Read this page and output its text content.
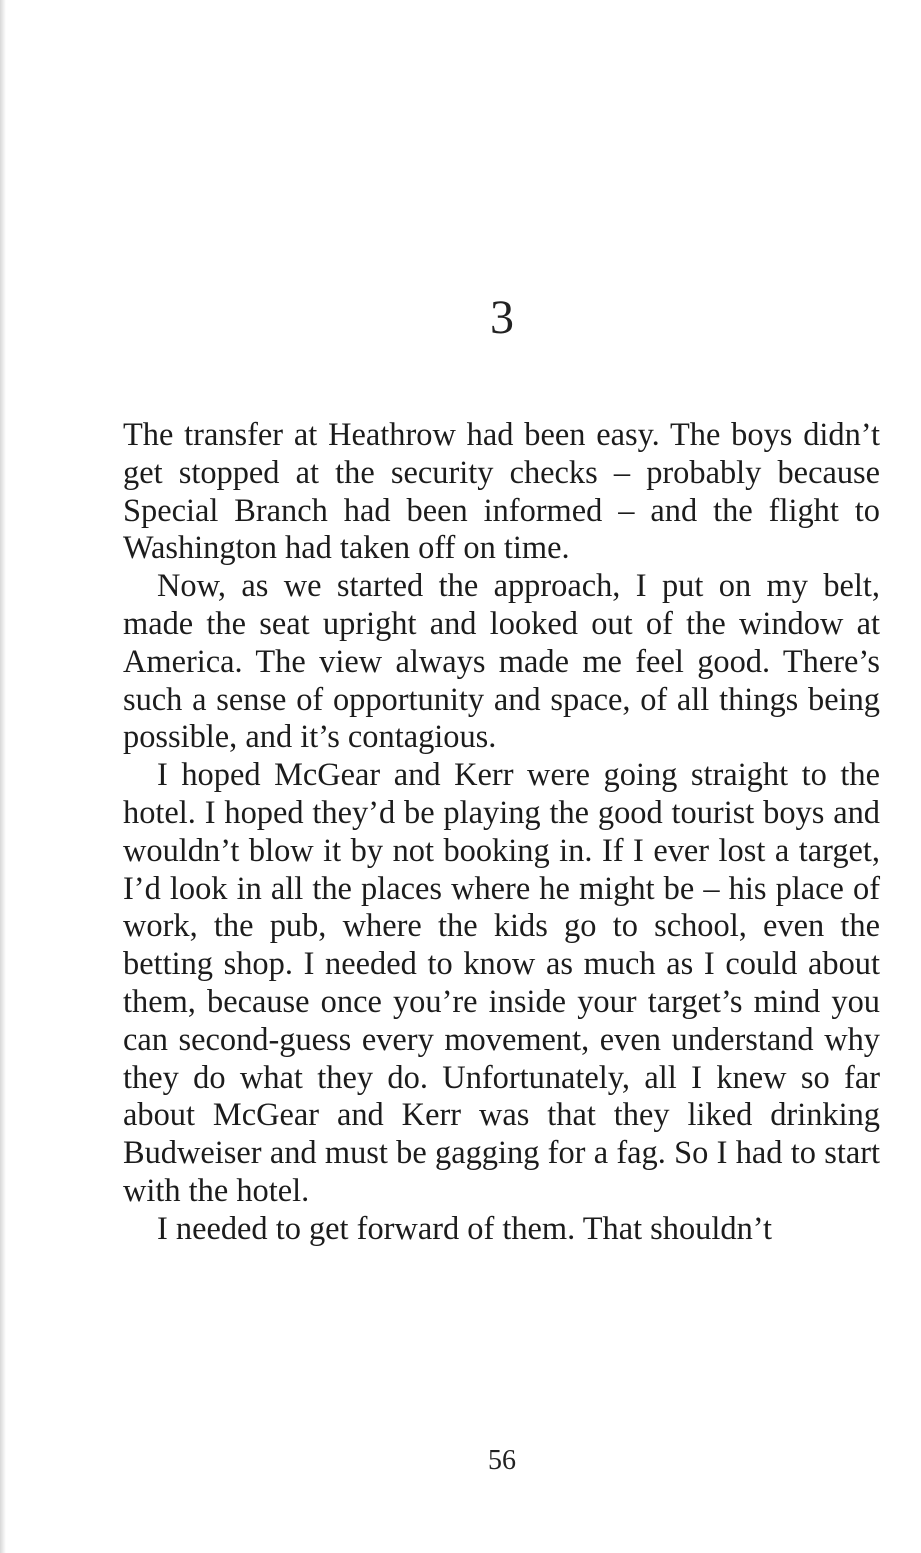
3

The transfer at Heathrow had been easy. The boys didn’t get stopped at the security checks – probably because Special Branch had been informed – and the flight to Washington had taken off on time.

Now, as we started the approach, I put on my belt, made the seat upright and looked out of the window at America. The view always made me feel good. There’s such a sense of opportunity and space, of all things being possible, and it’s contagious.

I hoped McGear and Kerr were going straight to the hotel. I hoped they’d be playing the good tourist boys and wouldn’t blow it by not booking in. If I ever lost a target, I’d look in all the places where he might be – his place of work, the pub, where the kids go to school, even the betting shop. I needed to know as much as I could about them, because once you’re inside your target’s mind you can second-guess every movement, even understand why they do what they do. Unfortunately, all I knew so far about McGear and Kerr was that they liked drinking Budweiser and must be gagging for a fag. So I had to start with the hotel.

I needed to get forward of them. That shouldn’t

56
